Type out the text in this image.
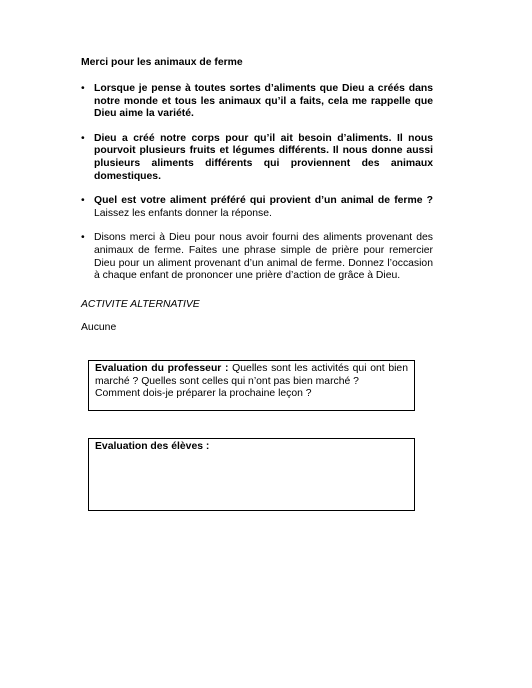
Merci pour les animaux de ferme
• Lorsque je pense à toutes sortes d’aliments que Dieu a créés dans notre monde et tous les animaux qu’il a faits, cela me rappelle que Dieu aime la variété.
• Dieu a créé notre corps pour qu’il ait besoin d’aliments. Il nous pourvoit plusieurs fruits et légumes différents. Il nous donne aussi plusieurs aliments différents qui proviennent des animaux domestiques.
• Quel est votre aliment préféré qui provient d’un animal de ferme ? Laissez les enfants donner la réponse.
• Disons merci à Dieu pour nous avoir fourni des aliments provenant des animaux de ferme. Faites une phrase simple de prière pour remercier Dieu pour un aliment provenant d’un animal de ferme. Donnez l’occasion à chaque enfant de prononcer une prière d’action de grâce à Dieu.
ACTIVITE ALTERNATIVE
Aucune
Evaluation du professeur : Quelles sont les activités qui ont bien marché ? Quelles sont celles qui n’ont pas bien marché ?
Comment dois-je préparer la prochaine leçon ?
Evaluation des élèves :
